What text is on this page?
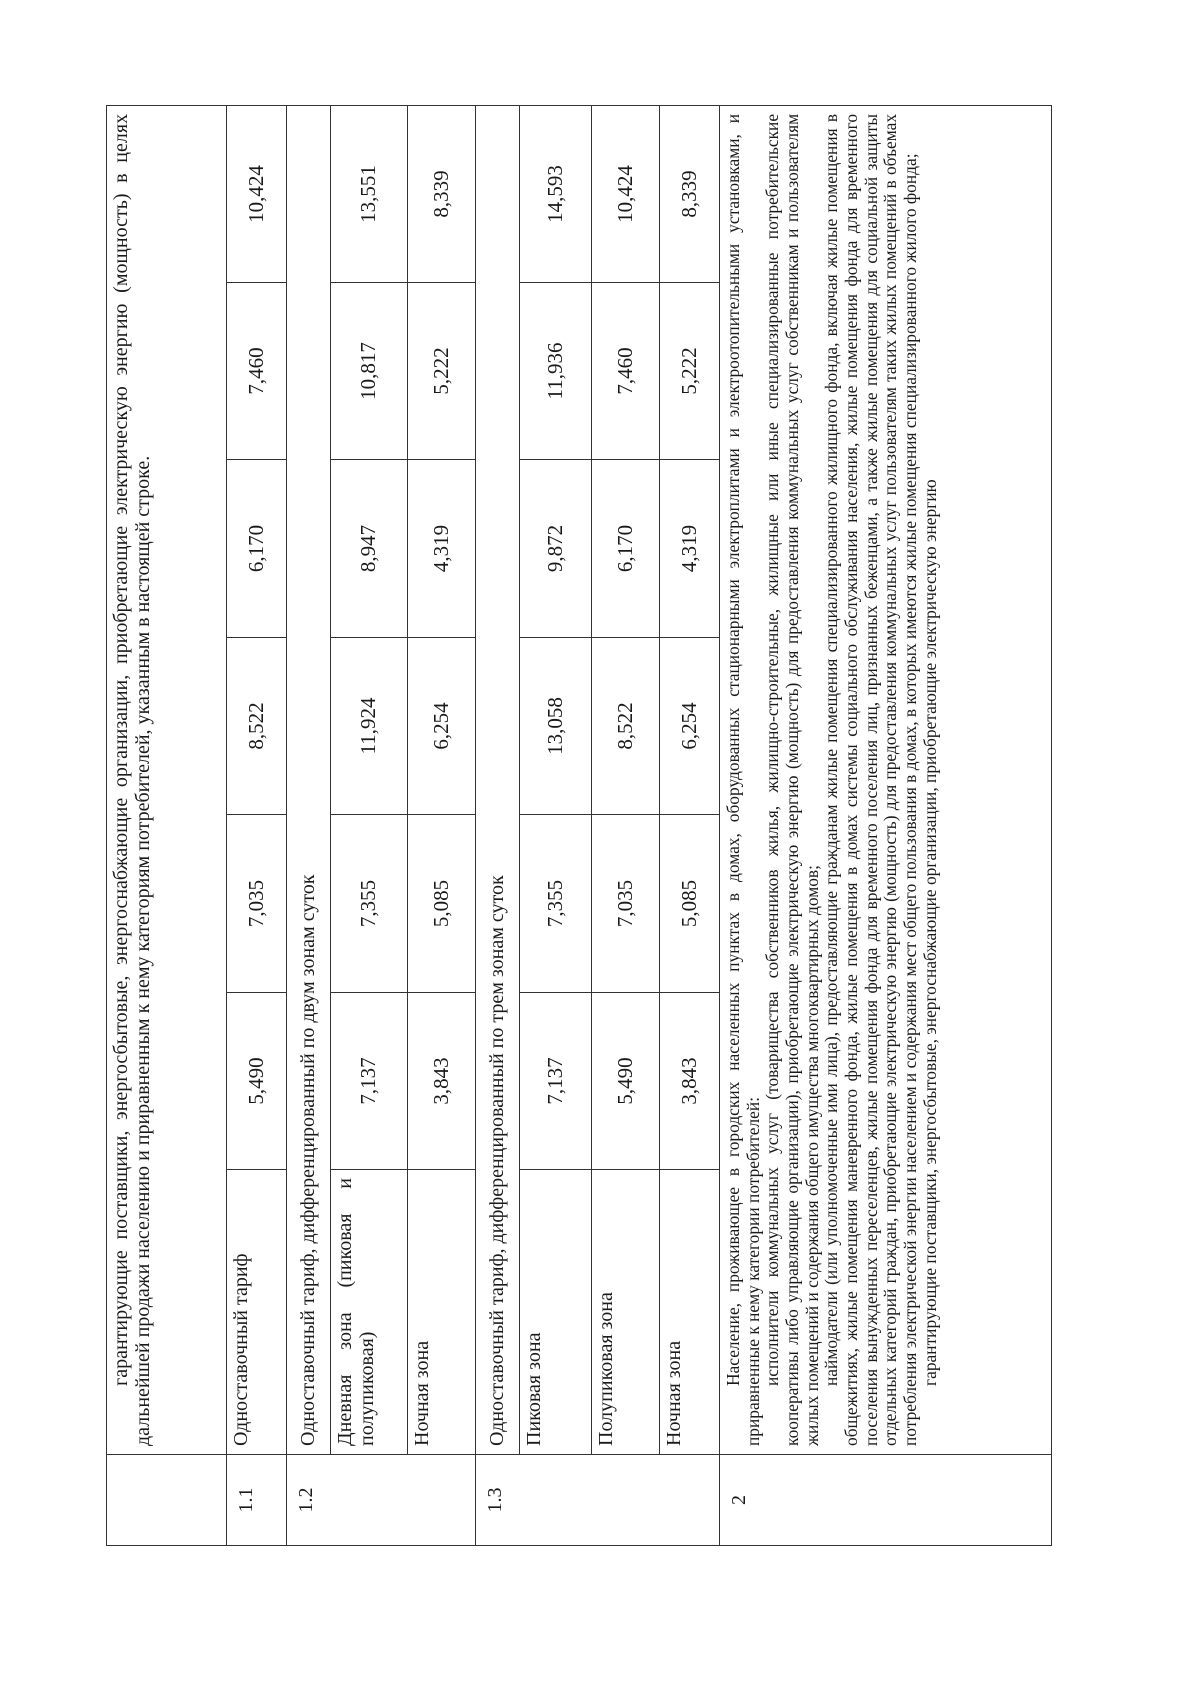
	гарантирующие поставщики, энергосбытовые, энергоснабжающие организации, приобретающие электрическую энергию (мощность) в целях дальнейшей продажи населению и приравненным к нему категориям потребителей, указанным в настоящей строке.						
1.1	Одноставочный тариф	5,490	7,035	8,522	6,170	7,460	10,424
1.2	Одноставочный тариф, дифференцированный по двум зонам суток						
	Дневная зона (пиковая и полупиковая)	7,137	7,355	11,924	8,947	10,817	13,551
	Ночная зона	3,843	5,085	6,254	4,319	5,222	8,339
1.3	Одноставочный тариф, дифференцированный по трем зонам суток						
	Пиковая зона	7,137	7,355	13,058	9,872	11,936	14,593
	Полупиковая зона	5,490	7,035	8,522	6,170	7,460	10,424
	Ночная зона	3,843	5,085	6,254	4,319	5,222	8,339
2	Население, проживающее в городских населенных пунктах в домах, оборудованных стационарными электроплитами и электроотопительными установками, и приравненные к нему категории потребителей: исполнители коммунальных услуг (товарищества собственников жилья, жилищно-строительные, жилищные или иные специализированные потребительские кооперативы либо управляющие организации), приобретающие электрическую энергию (мощность) для предоставления коммунальных услуг собственникам и пользователям жилых помещений и содержания общего имущества многоквартирных домов; наймодатели (или уполномоченные ими лица), предоставляющие гражданам жилые помещения специализированного жилищного фонда, включая жилые помещения в общежитиях, жилые помещения маневренного фонда, жилые помещения в домах системы социального обслуживания населения, жилые помещения фонда для временного поселения вынужденных переселенцев, жилые помещения фонда для временного поселения лиц, признанных беженцами, а также жилые помещения для социальной защиты отдельных категорий граждан, приобретающие электрическую энергию (мощность) для предоставления коммунальных услуг пользователям таких жилых помещений в объемах потребления электрической энергии населением и содержания мест общего пользования в домах, в которых имеются жилые помещения специализированного жилого фонда; гарантирующие поставщики, энергосбытовые, энергоснабжающие организации, приобретающие электрическую энергию						
